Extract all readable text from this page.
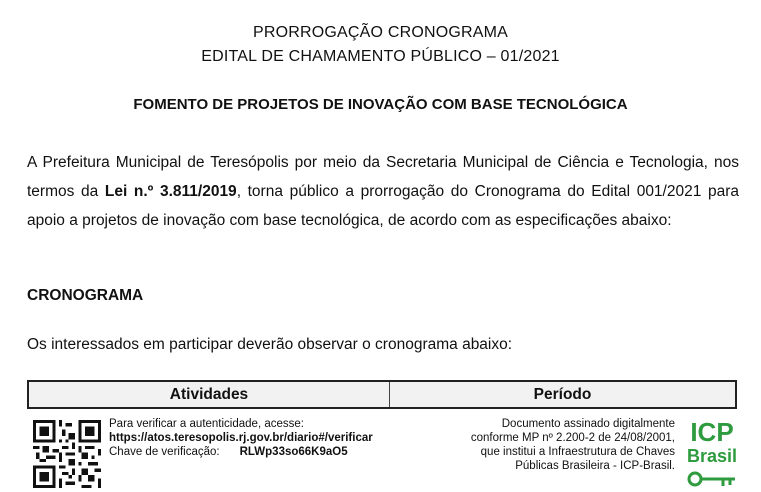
PRORROGAÇÃO CRONOGRAMA
EDITAL DE CHAMAMENTO PÚBLICO – 01/2021
FOMENTO DE PROJETOS DE INOVAÇÃO COM BASE TECNOLÓGICA
A Prefeitura Municipal de Teresópolis por meio da Secretaria Municipal de Ciência e Tecnologia, nos termos da Lei n.º 3.811/2019, torna público a prorrogação do Cronograma do Edital 001/2021 para apoio a projetos de inovação com base tecnológica, de acordo com as especificações abaixo:
CRONOGRAMA
Os interessados em participar deverão observar o cronograma abaixo:
Atividades	Período
Para verificar a autenticidade, acesse:
https://atos.teresopolis.rj.gov.br/diario#/verificar
Chave de verificação: RLWp33so66K9aO5
Documento assinado digitalmente
conforme MP nº 2.200-2 de 24/08/2001,
que institui a Infraestrutura de Chaves
Públicas Brasileira - ICP-Brasil.
ICP
Brasil
